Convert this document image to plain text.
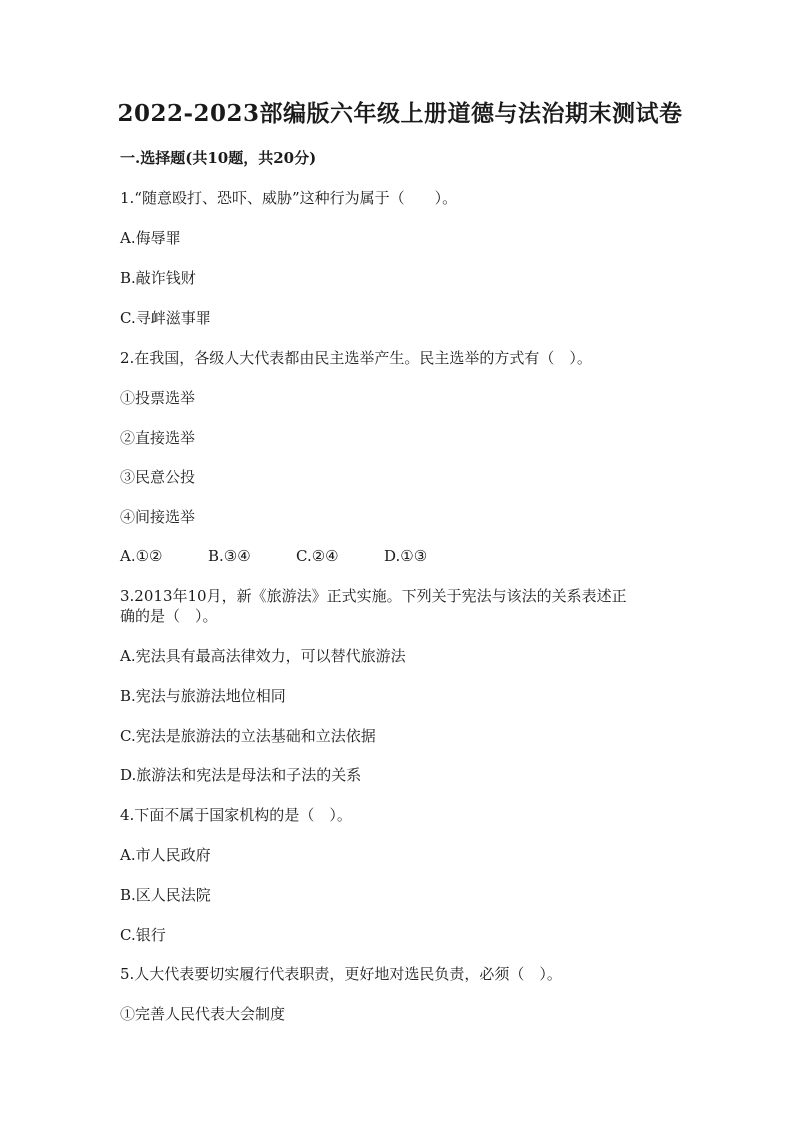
2022-2023部编版六年级上册道德与法治期末测试卷
一.选择题(共10题，共20分)
1.“随意殴打、恐吓、威胁”这种行为属于（　　）。
A.侮辱罪
B.敲诈钱财
C.寻衅滋事罪
2.在我国，各级人大代表都由民主选举产生。民主选举的方式有（　）。
①投票选举
②直接选举
③民意公投
④间接选举
A.①②	B.③④	C.②④	D.①③
3.2013年10月，新《旅游法》正式实施。下列关于宪法与该法的关系表述正
确的是（　）。
A.宪法具有最高法律效力，可以替代旅游法
B.宪法与旅游法地位相同
C.宪法是旅游法的立法基础和立法依据
D.旅游法和宪法是母法和子法的关系
4.下面不属于国家机构的是（　）。
A.市人民政府
B.区人民法院
C.银行
5.人大代表要切实履行代表职责，更好地对选民负责，必须（　）。
①完善人民代表大会制度
